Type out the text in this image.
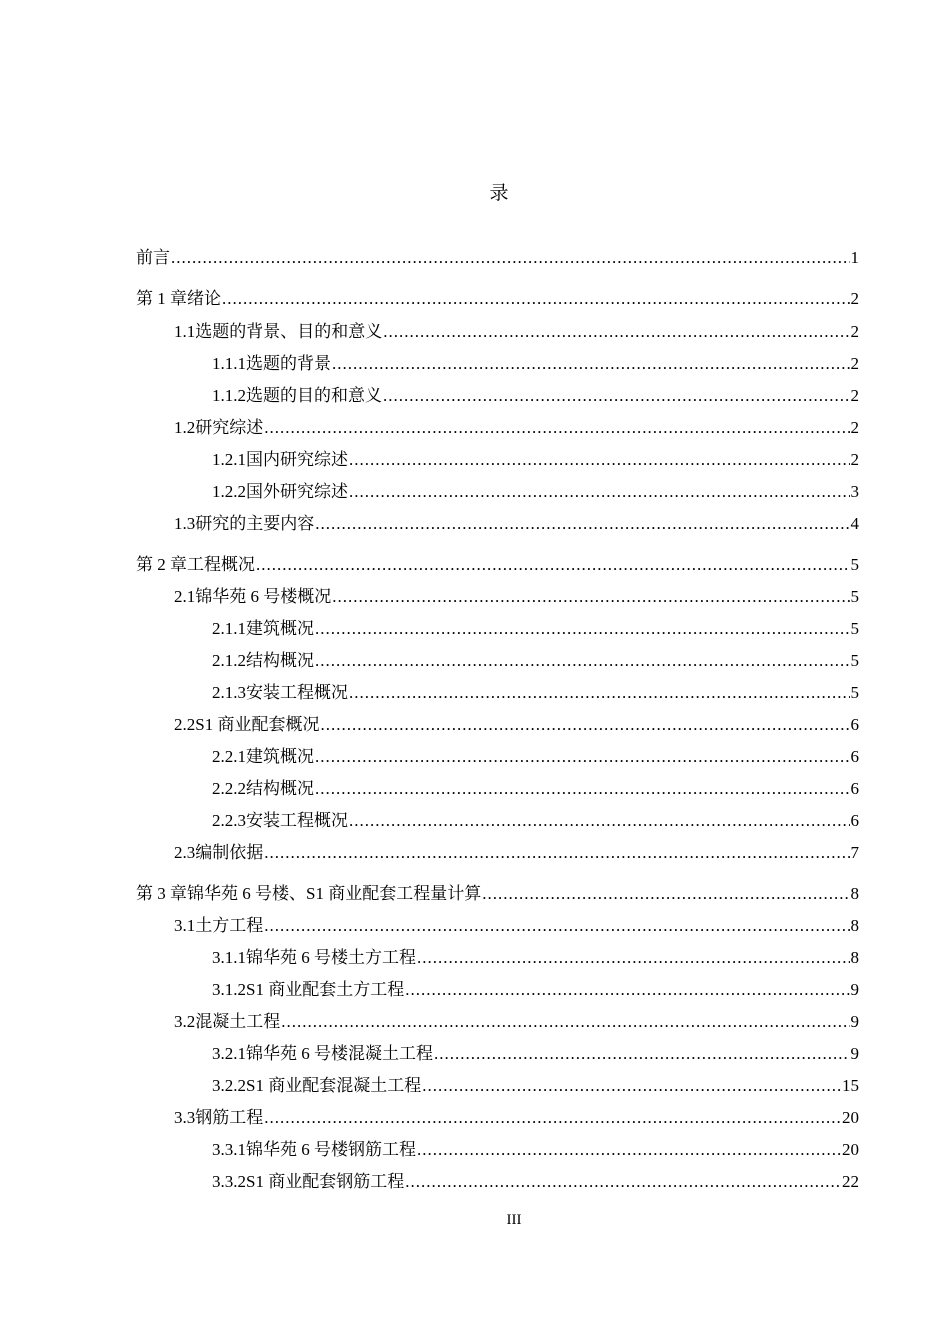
录
前言 .....	1
第 1 章 绪论 .....	2
1.1 选题的背景、目的和意义 .....	2
1.1.1 选题的背景 .....	2
1.1.2 选题的目的和意义 .....	2
1.2 研究综述 .....	2
1.2.1 国内研究综述 .....	2
1.2.2 国外研究综述 .....	3
1.3 研究的主要内容 .....	4
第 2 章 工程概况 .....	5
2.1 锦华苑 6 号楼概况 .....	5
2.1.1 建筑概况 .....	5
2.1.2 结构概况 .....	5
2.1.3 安装工程概况 .....	5
2.2 S1 商业配套概况 .....	6
2.2.1 建筑概况 .....	6
2.2.2 结构概况 .....	6
2.2.3 安装工程概况 .....	6
2.3 编制依据 .....	7
第 3 章 锦华苑 6 号楼、S1 商业配套工程量计算 .....	8
3.1 土方工程 .....	8
3.1.1 锦华苑 6 号楼土方工程 .....	8
3.1.2 S1 商业配套土方工程 .....	9
3.2 混凝土工程 .....	9
3.2.1 锦华苑 6 号楼混凝土工程 .....	9
3.2.2 S1 商业配套混凝土工程 .....	15
3.3 钢筋工程 .....	20
3.3.1 锦华苑 6 号楼钢筋工程 .....	20
3.3.2 S1 商业配套钢筋工程 .....	22
III
